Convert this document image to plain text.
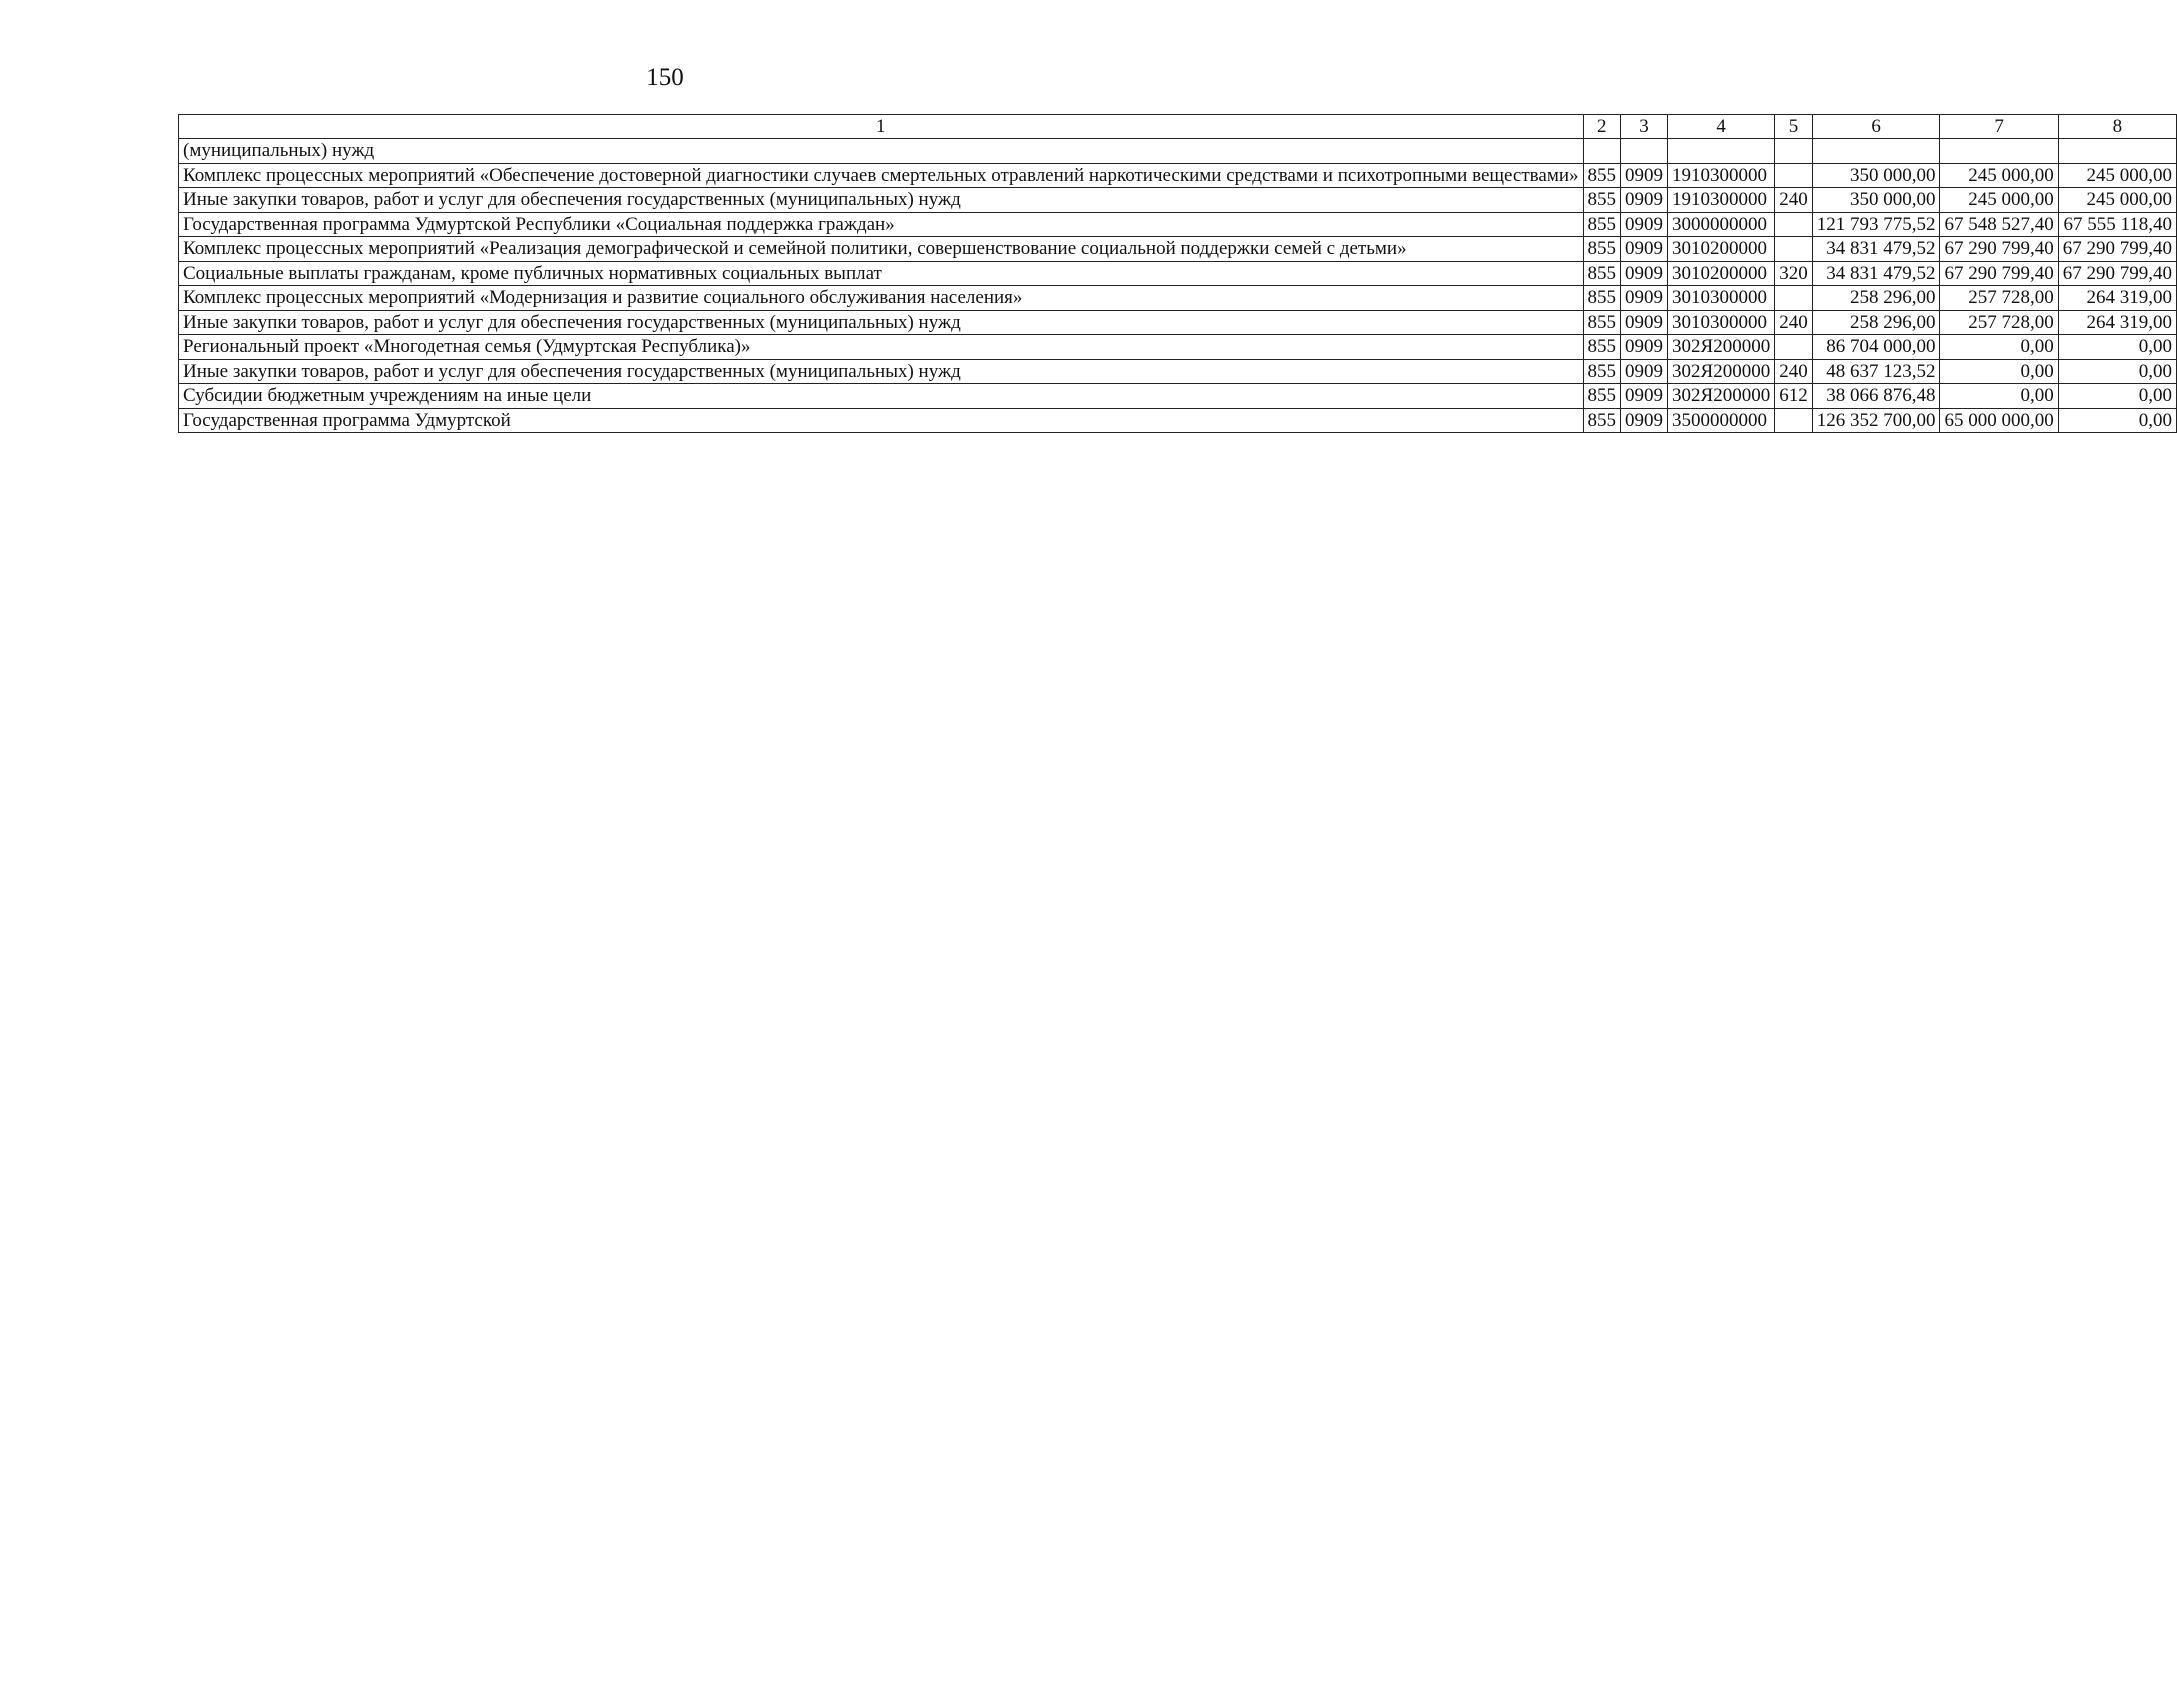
150
1	2	3	4	5	6	7	8
(муниципальных) нужд							
Комплекс процессных мероприятий «Обеспечение достоверной диагностики случаев смертельных отравлений наркотическими средствами и психотропными веществами»	855	0909	1910300000		350 000,00	245 000,00	245 000,00
Иные закупки товаров, работ и услуг для обеспечения государственных (муниципальных) нужд	855	0909	1910300000	240	350 000,00	245 000,00	245 000,00
Государственная программа Удмуртской Республики «Социальная поддержка граждан»	855	0909	3000000000		121 793 775,52	67 548 527,40	67 555 118,40
Комплекс процессных мероприятий «Реализация демографической и семейной политики, совершенствование социальной поддержки семей с детьми»	855	0909	3010200000		34 831 479,52	67 290 799,40	67 290 799,40
Социальные выплаты гражданам, кроме публичных нормативных социальных выплат	855	0909	3010200000	320	34 831 479,52	67 290 799,40	67 290 799,40
Комплекс процессных мероприятий «Модернизация и развитие социального обслуживания населения»	855	0909	3010300000		258 296,00	257 728,00	264 319,00
Иные закупки товаров, работ и услуг для обеспечения государственных (муниципальных) нужд	855	0909	3010300000	240	258 296,00	257 728,00	264 319,00
Региональный проект «Многодетная семья (Удмуртская Республика)»	855	0909	302Я200000		86 704 000,00	0,00	0,00
Иные закупки товаров, работ и услуг для обеспечения государственных (муниципальных) нужд	855	0909	302Я200000	240	48 637 123,52	0,00	0,00
Субсидии бюджетным учреждениям на иные цели	855	0909	302Я200000	612	38 066 876,48	0,00	0,00
Государственная программа Удмуртской	855	0909	3500000000		126 352 700,00	65 000 000,00	0,00
